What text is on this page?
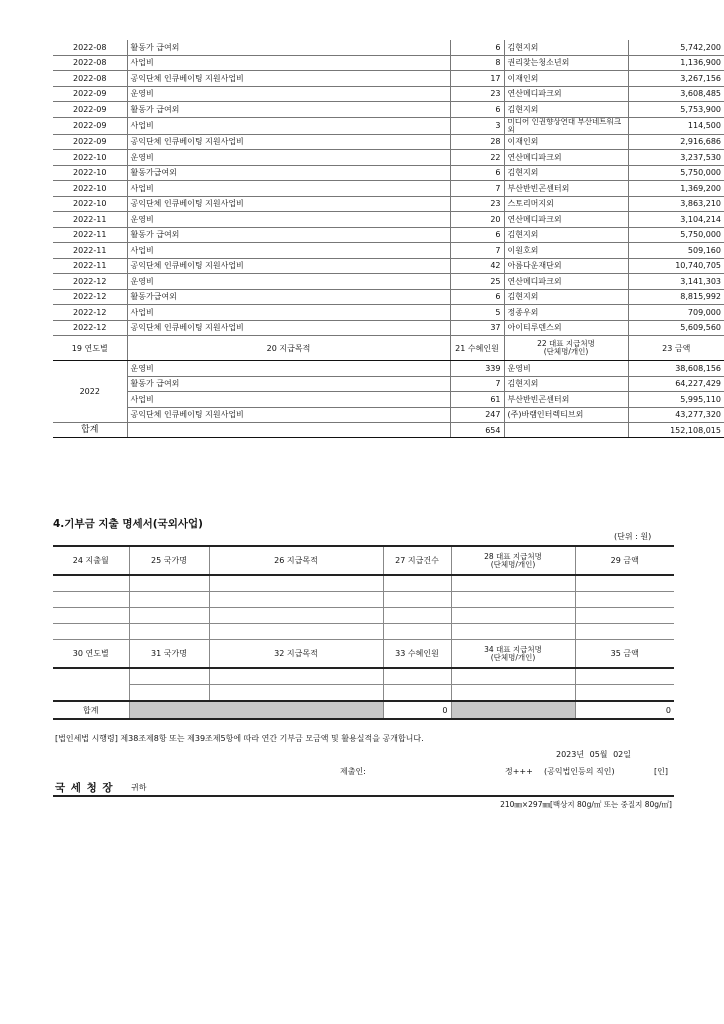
2022-08	활동가 급여외	6	김현지외	5,742,200
2022-08	사업비	8	권리찾는청소년외	1,136,900
2022-08	공익단체 인큐베이팅 지원사업비	17	이재인외	3,267,156
2022-09	운영비	23	연산메디파크외	3,608,485
2022-09	활동가 급여외	6	김현지외	5,753,900
2022-09	사업비	3	미디어 인권향상연대 부산네트워크외	114,500
2022-09	공익단체 인큐베이팅 지원사업비	28	이재인외	2,916,686
2022-10	운영비	22	연산메디파크외	3,237,530
2022-10	활동가급여외	6	김현지외	5,750,000
2022-10	사업비	7	부산반빈곤센터외	1,369,200
2022-10	공익단체 인큐베이팅 지원사업비	23	스토리머지외	3,863,210
2022-11	운영비	20	연산메디파크외	3,104,214
2022-11	활동가 급여외	6	김현지외	5,750,000
2022-11	사업비	7	이원호외	509,160
2022-11	공익단체 인큐베이팅 지원사업비	42	아름다운재단외	10,740,705
2022-12	운영비	25	연산메디파크외	3,141,303
2022-12	활동가급여외	6	김현지외	8,815,992
2022-12	사업비	5	정종우외	709,000
2022-12	공익단체 인큐베이팅 지원사업비	37	아이티루덴스외	5,609,560
19 연도별	20 지급목적	21 수혜인원	22 대표 지급처명
(단체명/개인)	23 금액
2022	운영비	339	운영비	38,608,156
	활동가 급여외	7	김현지외	64,227,429
	사업비	61	부산반빈곤센터외	5,995,110
	공익단체 인큐베이팅 지원사업비	247	(주)바램인터렉티브외	43,277,320
합계		654		152,108,015
4.기부금 지출 명세서(국외사업)
(단위 : 원)
24 지출월	25 국가명	26 지급목적	27 지급건수	28 대표 지급처명
(단체명/개인)	29 금액

30 연도별	31 국가명	32 지급목적	33 수혜인원	34 대표 지급처명
(단체명/개인)	35 금액

합계			0		0
[법인세법 시행령] 제38조제8항 또는 제39조제5항에 따라 연간 기부금 모금액 및 활용실적을 공개합니다.
2023년 05월 02일
제출인:	정+++ (공익법인등의 직인)	[인]
국 세 청 장 귀하
210㎜×297㎜[백상지 80g/㎡ 또는 중질지 80g/㎡]
